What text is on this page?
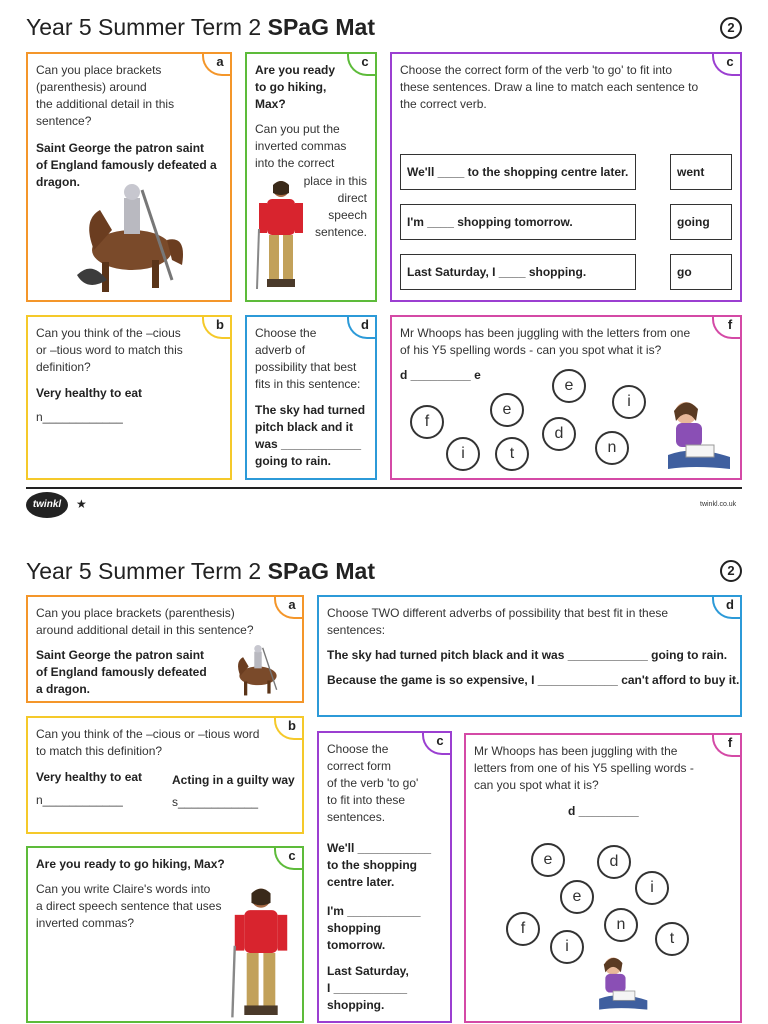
Year 5 Summer Term 2 SPaG Mat	2
a
Can you place brackets
(parenthesis) around
the additional detail in this
sentence?
Saint George the patron saint
of England famously defeated a
dragon.
c
Are you ready
to go hiking,
Max?
Can you put the
inverted commas
into the correct
place in this
direct
speech
sentence.
c
Choose the correct form of the verb 'to go' to fit into
these sentences. Draw a line to match each sentence to
the correct verb.
We'll ____ to the shopping centre later.
I'm ____ shopping tomorrow.
Last Saturday, I ____ shopping.
went
going
go
b
Can you think of the –cious
or –tious word to match this
definition?
Very healthy to eat
n____________
d
Choose the
adverb of
possibility that best
fits in this sentence:
The sky had turned
pitch black and it
was ____________
going to rain.
f
Mr Whoops has been juggling with the letters from one
of his Y5 spelling words - can you spot what it is?
d _________ e
e
e	i
f
d
i	t	n
twinkl	★	twinkl.co.uk
Year 5 Summer Term 2 SPaG Mat	2
a
Can you place brackets (parenthesis)
around additional detail in this sentence?
Saint George the patron saint
of England famously defeated
a dragon.
d
Choose TWO different adverbs of possibility that best fit in these
sentences:
The sky had turned pitch black and it was ____________ going to rain.
Because the game is so expensive, I ____________ can't afford to buy it.
b
Can you think of the –cious or –tious word
to match this definition?
Very healthy to eat Acting in a guilty way
n____________	s____________
c
Choose the
correct form
of the verb 'to go'
to fit into these
sentences.
We'll ___________
to the shopping
centre later.
I'm ___________
shopping
tomorrow.
Last Saturday,
I ___________
shopping.
f
Mr Whoops has been juggling with the
letters from one of his Y5 spelling words -
can you spot what it is?
d _________
e	d
i
e
f	n
i	t
c
Are you ready to go hiking, Max?
Can you write Claire's words into
a direct speech sentence that uses
inverted commas?
